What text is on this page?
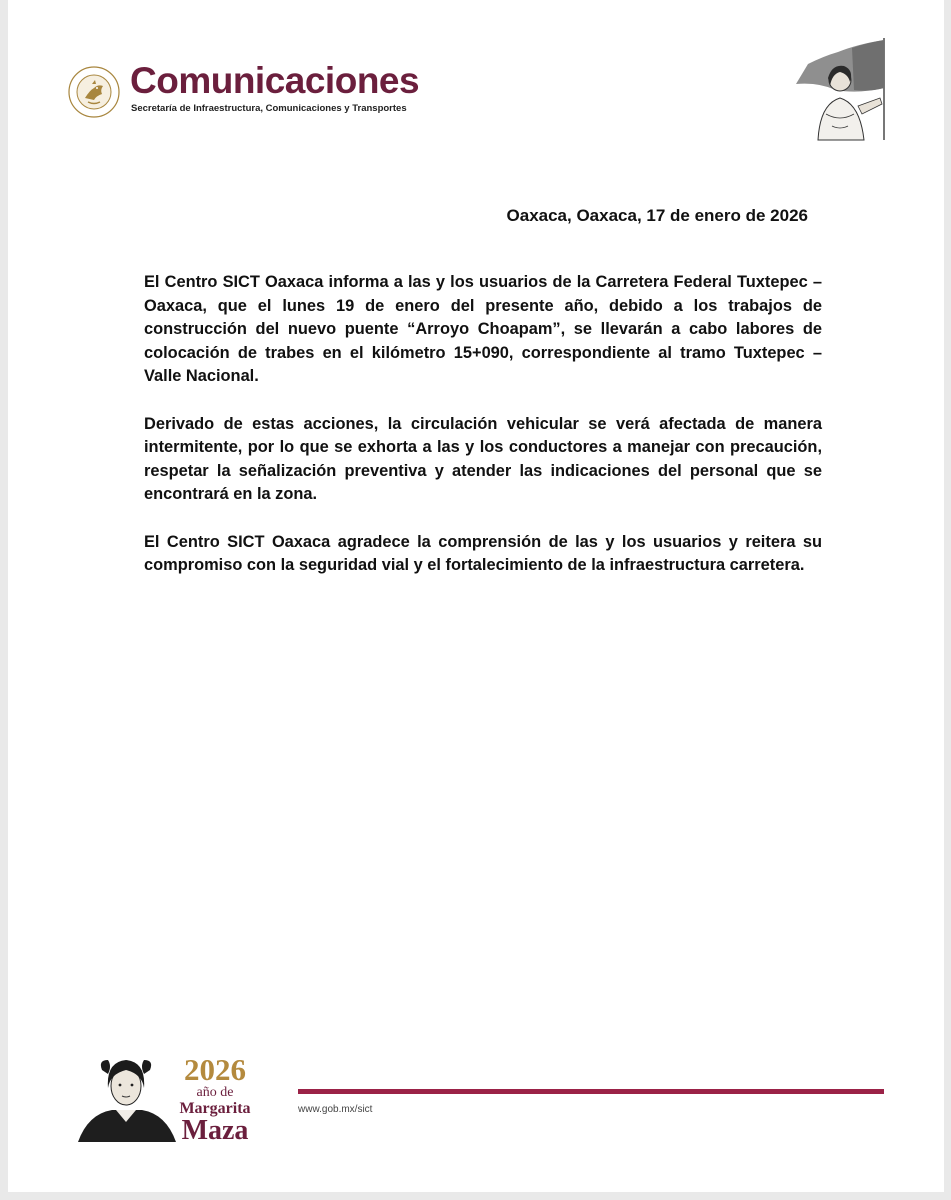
Comunicaciones
Secretaría de Infraestructura, Comunicaciones y Transportes
Oaxaca, Oaxaca, 17 de enero de 2026

El Centro SICT Oaxaca informa a las y los usuarios de la Carretera Federal Tuxtepec – Oaxaca, que el lunes 19 de enero del presente año, debido a los trabajos de construcción del nuevo puente “Arroyo Choapam”, se llevarán a cabo labores de colocación de trabes en el kilómetro 15+090, correspondiente al tramo Tuxtepec – Valle Nacional.

Derivado de estas acciones, la circulación vehicular se verá afectada de manera intermitente, por lo que se exhorta a las y los conductores a manejar con precaución, respetar la señalización preventiva y atender las indicaciones del personal que se encontrará en la zona.

El Centro SICT Oaxaca agradece la comprensión de las y los usuarios y reitera su compromiso con la seguridad vial y el fortalecimiento de la infraestructura carretera.

2026
año de
Margarita
Maza
www.gob.mx/sict
